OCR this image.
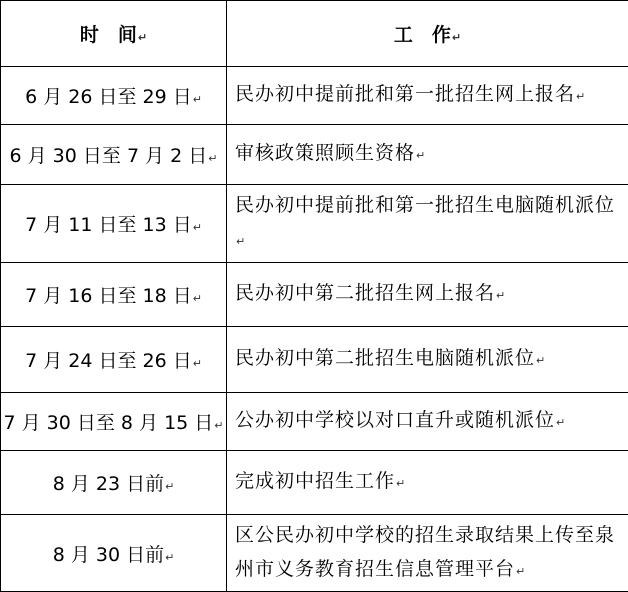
时　间↵	工　作↵
6 月 26 日至 29 日↵	民办初中提前批和第一批招生网上报名↵
6 月 30 日至 7 月 2 日↵	审核政策照顾生资格↵
7 月 11 日至 13 日↵	民办初中提前批和第一批招生电脑随机派位↵
7 月 16 日至 18 日↵	民办初中第二批招生网上报名↵
7 月 24 日至 26 日↵	民办初中第二批招生电脑随机派位↵
7 月 30 日至 8 月 15 日↵	公办初中学校以对口直升或随机派位↵
8 月 23 日前↵	完成初中招生工作↵
8 月 30 日前↵	区公民办初中学校的招生录取结果上传至泉州市义务教育招生信息管理平台↵
